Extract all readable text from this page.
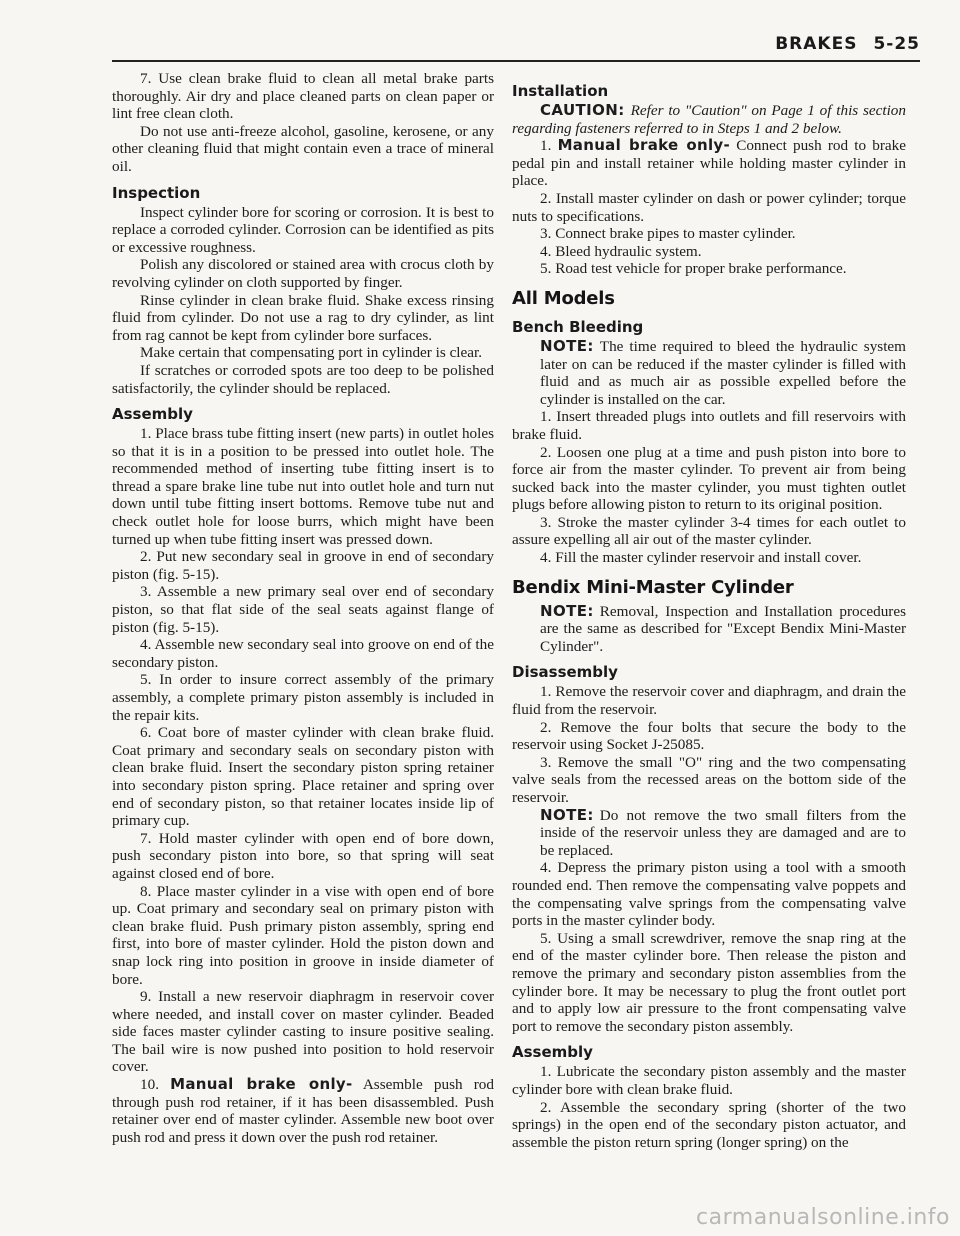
BRAKES 5-25

7. Use clean brake fluid to clean all metal brake parts thoroughly. Air dry and place cleaned parts on clean paper or lint free clean cloth.

Do not use anti-freeze alcohol, gasoline, kerosene, or any other cleaning fluid that might contain even a trace of mineral oil.

Inspection

Inspect cylinder bore for scoring or corrosion. It is best to replace a corroded cylinder. Corrosion can be identified as pits or excessive roughness.

Polish any discolored or stained area with crocus cloth by revolving cylinder on cloth supported by finger.

Rinse cylinder in clean brake fluid. Shake excess rinsing fluid from cylinder. Do not use a rag to dry cylinder, as lint from rag cannot be kept from cylinder bore surfaces.

Make certain that compensating port in cylinder is clear.

If scratches or corroded spots are too deep to be polished satisfactorily, the cylinder should be replaced.

Assembly

1. Place brass tube fitting insert (new parts) in outlet holes so that it is in a position to be pressed into outlet hole. The recommended method of inserting tube fitting insert is to thread a spare brake line tube nut into outlet hole and turn nut down until tube fitting insert bottoms. Remove tube nut and check outlet hole for loose burrs, which might have been turned up when tube fitting insert was pressed down.

2. Put new secondary seal in groove in end of secondary piston (fig. 5-15).

3. Assemble a new primary seal over end of secondary piston, so that flat side of the seal seats against flange of piston (fig. 5-15).

4. Assemble new secondary seal into groove on end of the secondary piston.

5. In order to insure correct assembly of the primary assembly, a complete primary piston assembly is included in the repair kits.

6. Coat bore of master cylinder with clean brake fluid. Coat primary and secondary seals on secondary piston with clean brake fluid. Insert the secondary piston spring retainer into secondary piston spring. Place retainer and spring over end of secondary piston, so that retainer locates inside lip of primary cup.

7. Hold master cylinder with open end of bore down, push secondary piston into bore, so that spring will seat against closed end of bore.

8. Place master cylinder in a vise with open end of bore up. Coat primary and secondary seal on primary piston with clean brake fluid. Push primary piston assembly, spring end first, into bore of master cylinder. Hold the piston down and snap lock ring into position in groove in inside diameter of bore.

9. Install a new reservoir diaphragm in reservoir cover where needed, and install cover on master cylinder. Beaded side faces master cylinder casting to insure positive sealing. The bail wire is now pushed into position to hold reservoir cover.

10. Manual brake only- Assemble push rod through push rod retainer, if it has been disassembled. Push retainer over end of master cylinder. Assemble new boot over push rod and press it down over the push rod retainer.

Installation

CAUTION: Refer to "Caution" on Page 1 of this section regarding fasteners referred to in Steps 1 and 2 below.

1. Manual brake only- Connect push rod to brake pedal pin and install retainer while holding master cylinder in place.

2. Install master cylinder on dash or power cylinder; torque nuts to specifications.

3. Connect brake pipes to master cylinder.

4. Bleed hydraulic system.

5. Road test vehicle for proper brake performance.

All Models
Bench Bleeding

NOTE: The time required to bleed the hydraulic system later on can be reduced if the master cylinder is filled with fluid and as much air as possible expelled before the cylinder is installed on the car.

1. Insert threaded plugs into outlets and fill reservoirs with brake fluid.

2. Loosen one plug at a time and push piston into bore to force air from the master cylinder. To prevent air from being sucked back into the master cylinder, you must tighten outlet plugs before allowing piston to return to its original position.

3. Stroke the master cylinder 3-4 times for each outlet to assure expelling all air out of the master cylinder.

4. Fill the master cylinder reservoir and install cover.

Bendix Mini-Master Cylinder

NOTE: Removal, Inspection and Installation procedures are the same as described for "Except Bendix Mini-Master Cylinder".

Disassembly

1. Remove the reservoir cover and diaphragm, and drain the fluid from the reservoir.

2. Remove the four bolts that secure the body to the reservoir using Socket J-25085.

3. Remove the small "O" ring and the two compensating valve seals from the recessed areas on the bottom side of the reservoir.

NOTE: Do not remove the two small filters from the inside of the reservoir unless they are damaged and are to be replaced.

4. Depress the primary piston using a tool with a smooth rounded end. Then remove the compensating valve poppets and the compensating valve springs from the compensating valve ports in the master cylinder body.

5. Using a small screwdriver, remove the snap ring at the end of the master cylinder bore. Then release the piston and remove the primary and secondary piston assemblies from the cylinder bore. It may be necessary to plug the front outlet port and to apply low air pressure to the front compensating valve port to remove the secondary piston assembly.

Assembly

1. Lubricate the secondary piston assembly and the master cylinder bore with clean brake fluid.

2. Assemble the secondary spring (shorter of the two springs) in the open end of the secondary piston actuator, and assemble the piston return spring (longer spring) on the

carmanualsonline.info
